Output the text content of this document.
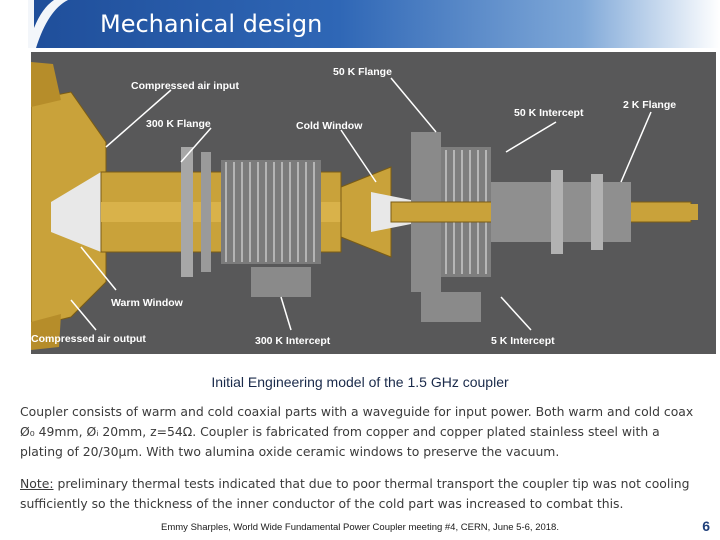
Mechanical design
50 K Flange
Compressed air input
2 K Flange
50 K Intercept
300 K Flange	Cold Window
Warm Window
Compressed air output	300 K Intercept	5 K Intercept
Initial Engineering model of the 1.5 GHz coupler
Coupler consists of warm and cold coaxial parts with a waveguide for input power. Both warm and cold coax Ø₀ 49mm, Øᵢ 20mm, z=54Ω. Coupler is fabricated from copper and copper plated stainless steel with a plating of 20/30µm. With two alumina oxide ceramic windows to preserve the vacuum.
Note: preliminary thermal tests indicated that due to poor thermal transport the coupler tip was not cooling sufficiently so the thickness of the inner conductor of the cold part was increased to combat this.
Emmy Sharples, World Wide Fundamental Power Coupler meeting #4, CERN, June 5-6, 2018.	6
